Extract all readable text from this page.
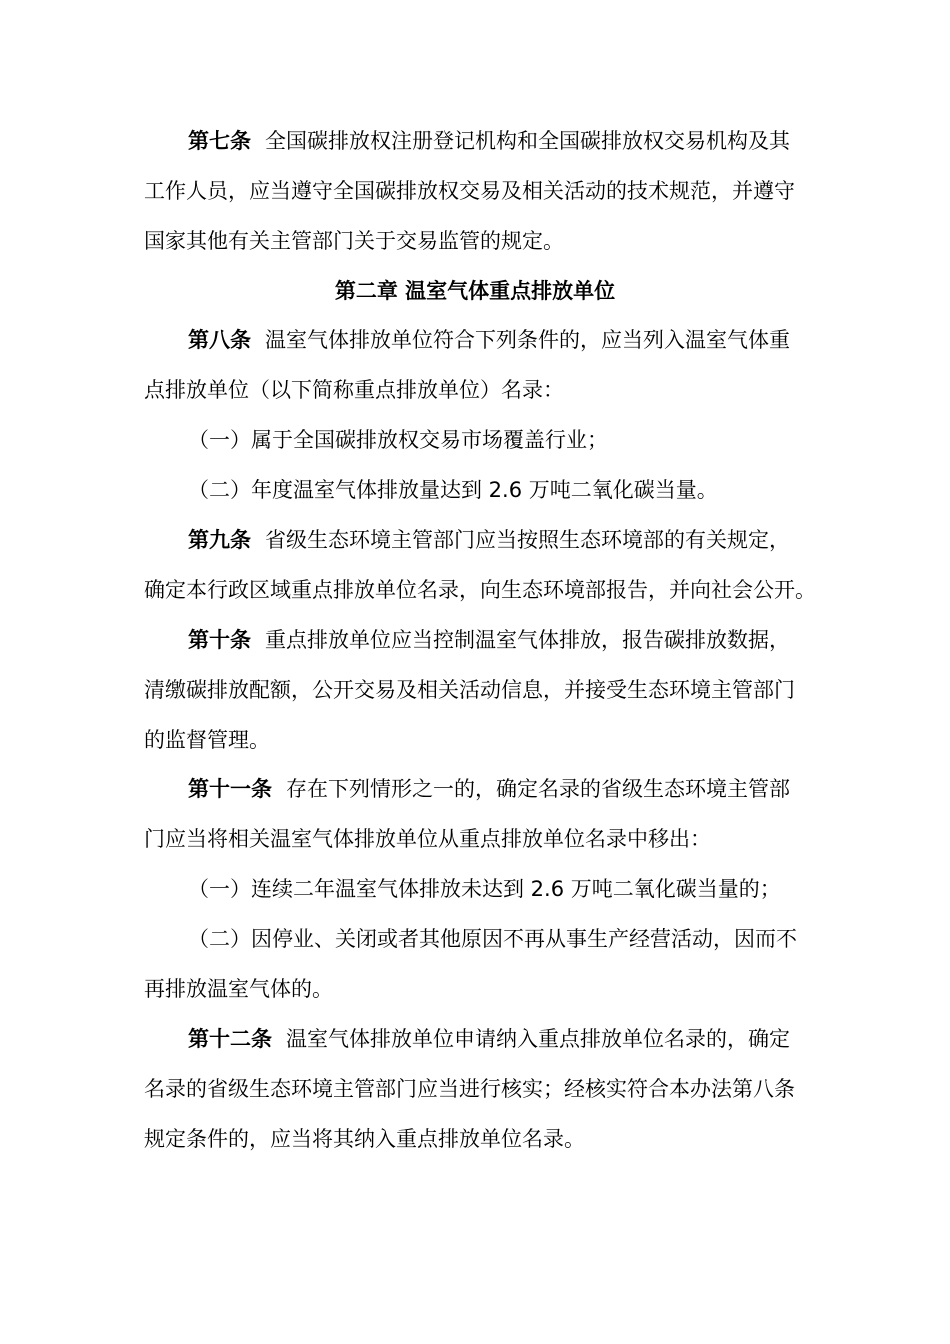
第七条 全国碳排放权注册登记机构和全国碳排放权交易机构及其
工作人员，应当遵守全国碳排放权交易及相关活动的技术规范，并遵守
国家其他有关主管部门关于交易监管的规定。
第二章 温室气体重点排放单位
第八条 温室气体排放单位符合下列条件的，应当列入温室气体重
点排放单位（以下简称重点排放单位）名录：
（一）属于全国碳排放权交易市场覆盖行业；
（二）年度温室气体排放量达到 2.6 万吨二氧化碳当量。
第九条 省级生态环境主管部门应当按照生态环境部的有关规定，
确定本行政区域重点排放单位名录，向生态环境部报告，并向社会公开。
第十条 重点排放单位应当控制温室气体排放，报告碳排放数据，
清缴碳排放配额，公开交易及相关活动信息，并接受生态环境主管部门
的监督管理。
第十一条 存在下列情形之一的，确定名录的省级生态环境主管部
门应当将相关温室气体排放单位从重点排放单位名录中移出：
（一）连续二年温室气体排放未达到 2.6 万吨二氧化碳当量的；
（二）因停业、关闭或者其他原因不再从事生产经营活动，因而不
再排放温室气体的。
第十二条 温室气体排放单位申请纳入重点排放单位名录的，确定
名录的省级生态环境主管部门应当进行核实；经核实符合本办法第八条
规定条件的，应当将其纳入重点排放单位名录。
